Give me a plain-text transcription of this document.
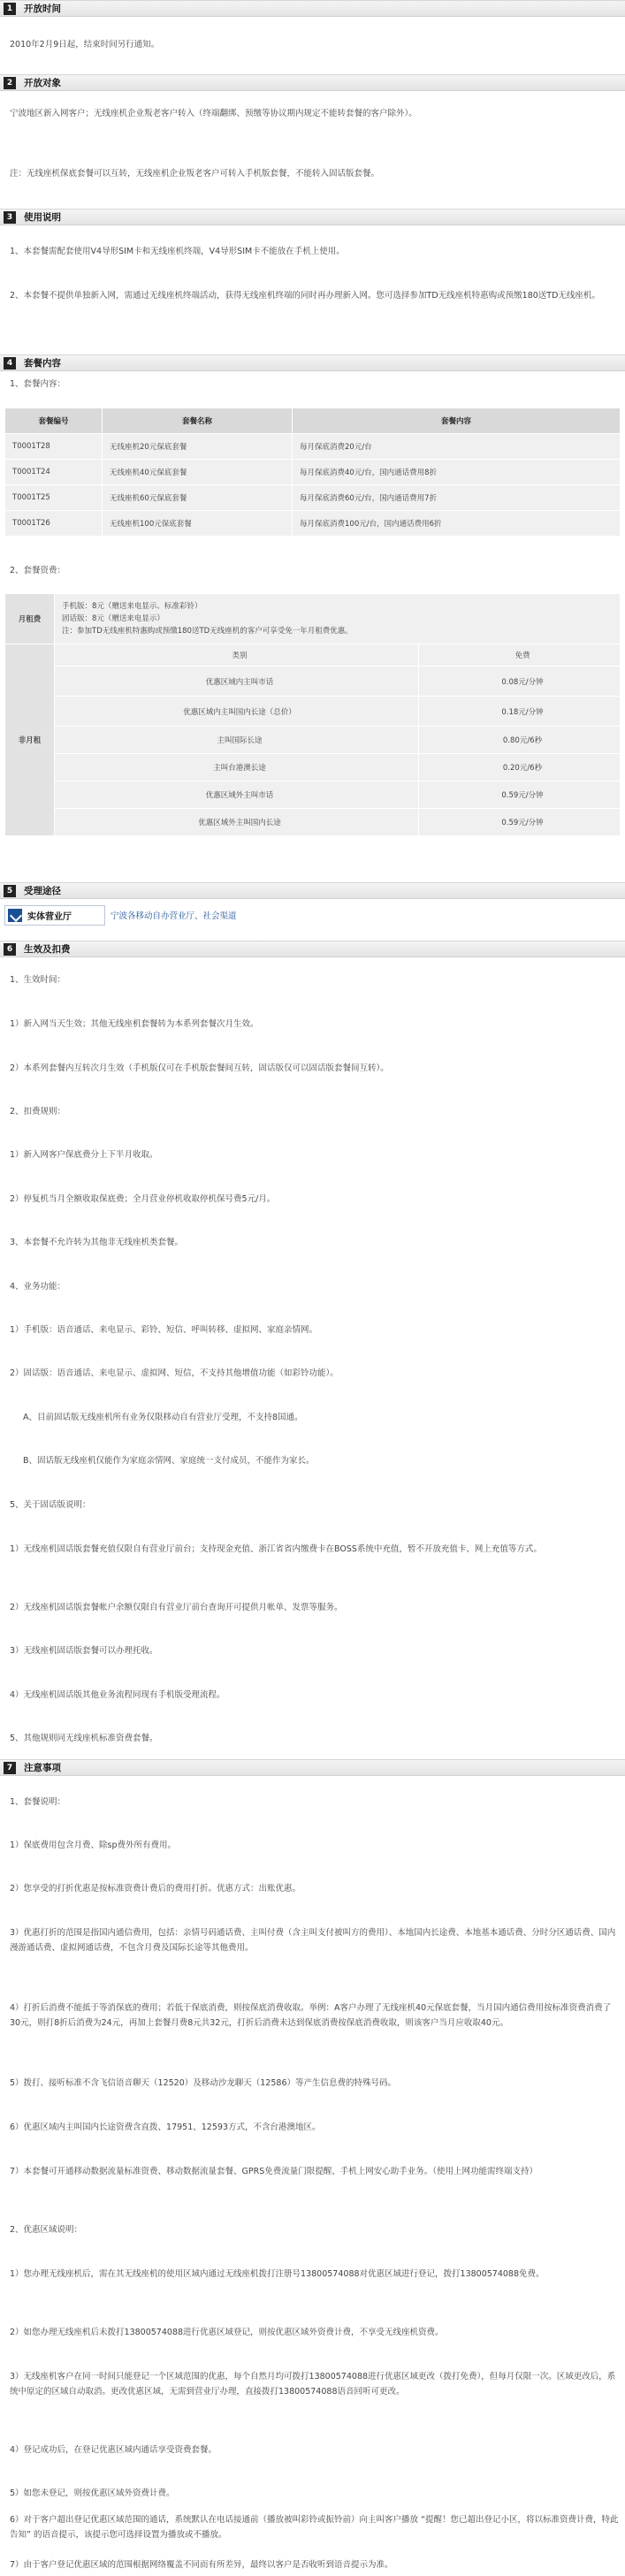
1	开放时间

2010年2月9日起，结束时间另行通知。

2	开放对象

宁波地区新入网客户；无线座机企业叛老客户转入（终端翻绑、预缴等协议期内规定不能转套餐的客户除外）。

注：无线座机保底套餐可以互转，无线座机企业叛老客户可转入手机版套餐，不能转入固话版套餐。

3	使用说明

1、本套餐需配套使用V4导形SIM卡和无线座机终端，V4导形SIM卡不能放在手机上使用。

2、本套餐不提供单独新入网，需通过无线座机终端活动，获得无线座机终端的同时再办理新入网。您可选择参加TD无线座机特惠购或预缴180送TD无线座机。

4	套餐内容

1、套餐内容：

套餐编号	套餐名称	套餐内容
T0001T28	无线座机20元保底套餐	每月保底消费20元/台
T0001T24	无线座机40元保底套餐	每月保底消费40元/台，国内通话费用8折
T0001T25	无线座机60元保底套餐	每月保底消费60元/台，国内通话费用7折
T0001T26	无线座机100元保底套餐	每月保底消费100元/台，国内通话费用6折

2、套餐资费：

月租费	手机版：8元（赠送来电显示、标准彩铃）
固话版：8元（赠送来电显示）
注：参加TD无线座机特惠购或预缴180送TD无线座机的客户可享受免一年月租费优惠。	

非月租	类别	免费
	优惠区域内主叫市话	0.08元/分钟
	优惠区域内主叫国内长途（总价）	0.18元/分钟
	主叫国际长途	0.80元/6秒
	主叫台港澳长途	0.20元/6秒
	优惠区域外主叫市话	0.59元/分钟
	优惠区域外主叫国内长途	0.59元/分钟
5	受理途径
实体营业厅	宁波各移动自办营业厅、社会渠道
6	生效及扣费

1、生效时间：

1）新入网当天生效；其他无线座机套餐转为本系列套餐次月生效。

2）本系列套餐内互转次月生效（手机版仅可在手机版套餐间互转，固话版仅可以固话版套餐间互转）。

2、扣费规则：

1）新入网客户保底费分上下半月收取。

2）停复机当月全额收取保底费；全月营业停机收取停机保号费5元/月。

3、本套餐不允许转为其他非无线座机类套餐。

4、业务功能：

1）手机版：语音通话、来电显示、彩铃、短信、呼叫转移、虚拟网、家庭亲情网。

2）固话版：语音通话、来电显示、虚拟网、短信，不支持其他增值功能（如彩铃功能）。

A、目前固话版无线座机所有业务仅限移动自有营业厅受理，不支持8国通。

B、固话版无线座机仅能作为家庭亲情网、家庭统一支付成员，不能作为家长。

5、关于固话版说明：

1）无线座机固话版套餐充值仅限自有营业厅前台；支持现金充值、浙江省省内缴费卡在BOSS系统中充值，暂不开放充值卡、网上充值等方式。

2）无线座机固话版套餐帐户余额仅限自有营业厅前台查询开可提供月帐单、发票等服务。

3）无线座机固话版套餐可以办理托收。

4）无线座机固话版其他业务流程同现有手机版受理流程。

5、其他规则同无线座机标准资费套餐。

7	注意事项

1、套餐说明：

1）保底费用包含月费、除sp费外所有费用。

2）您享受的打折优惠是按标准资费计费后的费用打折。优惠方式：出账优惠。

3）优惠打折的范围是指国内通信费用，包括：亲情号码通话费、主叫付费（含主叫支付被叫方的费用）、本地国内长途费、本地基本通话费、分时分区通话费、国内漫游通话费、虚拟网通话费，不包含月费及国际长途等其他费用。

4）打折后消费不能抵于等消保底的费用；若低于保底消费，则按保底消费收取。举例：A客户办理了无线座机40元保底套餐，当月国内通信费用按标准资费消费了30元，则打8折后消费为24元，再加上套餐月费8元共32元，打折后消费未达到保底消费按保底消费收取，则该客户当月应收取40元。

5）拨打、接听标准不含飞信语音聊天（12520）及移动沙龙聊天（12586）等产生信息费的特殊号码。

6）优惠区域内主叫国内长途资费含直拨、17951、12593方式，不含台港澳地区。

7）本套餐可开通移动数据流量标准资费、移动数据流量套餐、GPRS免费流量门限提醒、手机上网安心助手业务。（使用上网功能需终端支持）

2、优惠区域说明：

1）您办理无线座机后，需在其无线座机的使用区域内通过无线座机拨打注册号13800574088对优惠区域进行登记，拨打13800574088免费。

2）如您办理无线座机后未拨打13800574088进行优惠区域登记，则按优惠区域外资费计费，不享受无线座机资费。

3）无线座机客户在同一时间只能登记一个区域范围的优惠，每个自然月均可拨打13800574088进行优惠区域更改（拨打免费），但每月仅限一次。区域更改后，系统中原定的区域自动取消。更改优惠区域，无需到营业厅办理，直接拨打13800574088语音回听可更改。

4）登记成功后，在登记优惠区域内通话享受资费套餐。

5）如您未登记，则按优惠区域外资费计费。

6）对于客户超出登记优惠区域范围的通话，系统默认在电话接通前（播放被叫彩铃或振铃前）向主叫客户播放 “提醒！您已超出登记小区，将以标准资费计费，特此告知” 的语音提示，该提示您可选择设置为播放或不播放。

7）由于客户登记优惠区域的范围根据网络覆盖不同而有所差异，最终以客户是否收听到语音提示为准。
